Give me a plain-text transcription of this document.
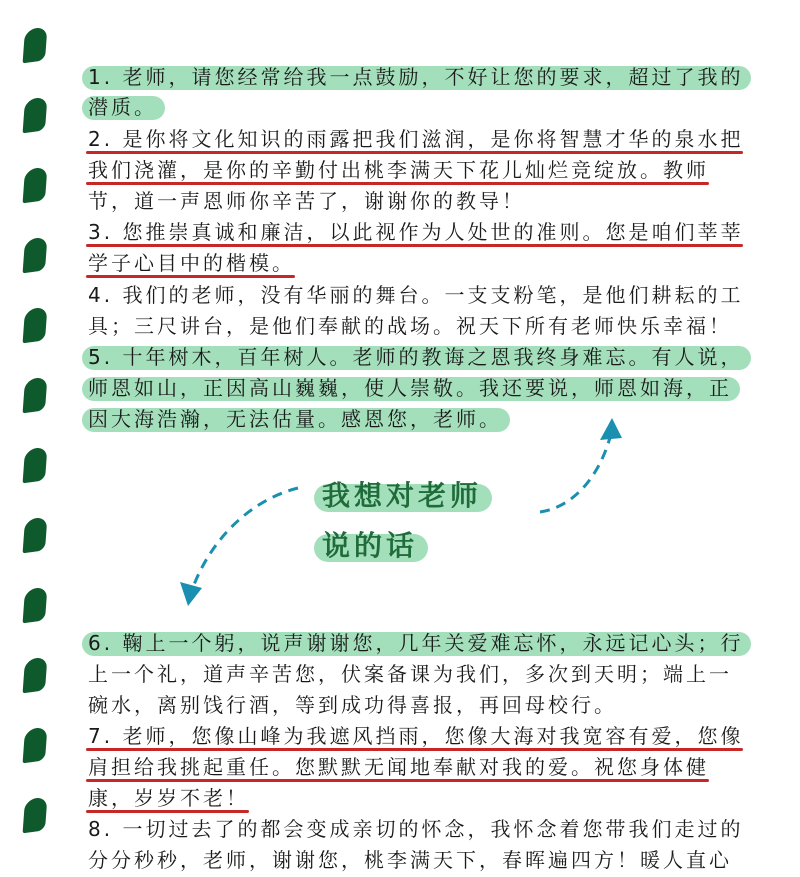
1. 老师，请您经常给我一点鼓励，不好让您的要求，超过了我的
潜质。
2. 是你将文化知识的雨露把我们滋润，是你将智慧才华的泉水把
我们浇灌，是你的辛勤付出桃李满天下花儿灿烂竞绽放。教师
节，道一声恩师你辛苦了，谢谢你的教导！
3. 您推崇真诚和廉洁，以此视作为人处世的准则。您是咱们莘莘
学子心目中的楷模。
4. 我们的老师，没有华丽的舞台。一支支粉笔，是他们耕耘的工
具；三尺讲台，是他们奉献的战场。祝天下所有老师快乐幸福！
5. 十年树木，百年树人。老师的教诲之恩我终身难忘。有人说，
师恩如山，正因高山巍巍，使人崇敬。我还要说，师恩如海，正
因大海浩瀚，无法估量。感恩您，老师。
我想对老师
说的话
6. 鞠上一个躬，说声谢谢您，几年关爱难忘怀，永远记心头；行
上一个礼，道声辛苦您，伏案备课为我们，多次到天明；端上一
碗水，离别饯行酒，等到成功得喜报，再回母校行。
7. 老师，您像山峰为我遮风挡雨，您像大海对我宽容有爱，您像
肩担给我挑起重任。您默默无闻地奉献对我的爱。祝您身体健
康，岁岁不老！
8. 一切过去了的都会变成亲切的怀念，我怀念着您带我们走过的
分分秒秒，老师，谢谢您，桃李满天下，春晖遍四方！暖人直心
